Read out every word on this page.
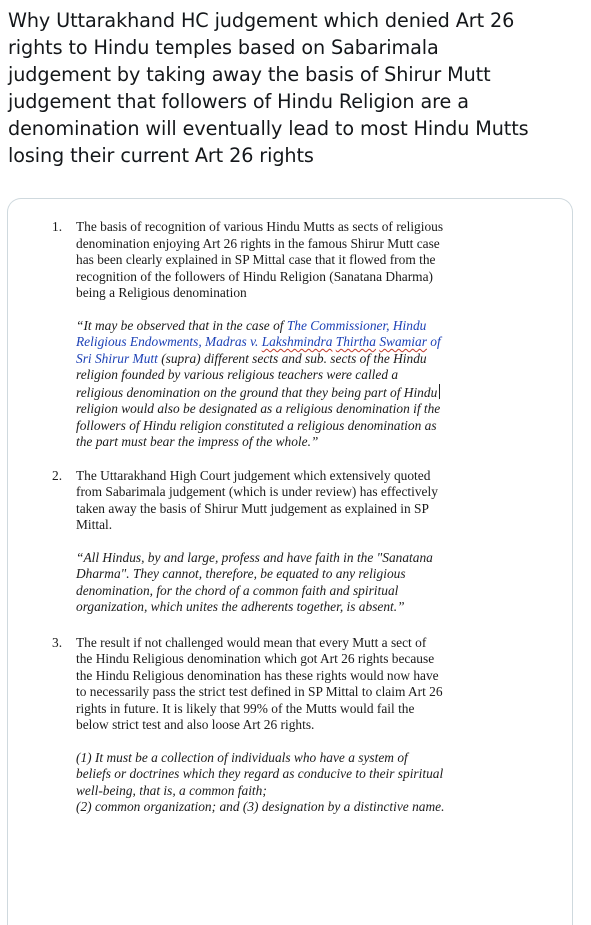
Why Uttarakhand HC judgement which denied Art 26
rights to Hindu temples based on Sabarimala
judgement by taking away the basis of Shirur Mutt
judgement that followers of Hindu Religion are a
denomination will eventually lead to most Hindu Mutts
losing their current Art 26 rights
1. The basis of recognition of various Hindu Mutts as sects of religious
denomination enjoying Art 26 rights in the famous Shirur Mutt case
has been clearly explained in SP Mittal case that it flowed from the
recognition of the followers of Hindu Religion (Sanatana Dharma)
being a Religious denomination
“It may be observed that in the case of The Commissioner, Hindu
Religious Endowments, Madras v. Lakshmindra Thirtha Swamiar of
Sri Shirur Mutt (supra) different sects and sub. sects of the Hindu
religion founded by various religious teachers were called a
religious denomination on the ground that they being part of Hindu
religion would also be designated as a religious denomination if the
followers of Hindu religion constituted a religious denomination as
the part must bear the impress of the whole.”
2. The Uttarakhand High Court judgement which extensively quoted
from Sabarimala judgement (which is under review) has effectively
taken away the basis of Shirur Mutt judgement as explained in SP
Mittal.
“All Hindus, by and large, profess and have faith in the "Sanatana
Dharma". They cannot, therefore, be equated to any religious
denomination, for the chord of a common faith and spiritual
organization, which unites the adherents together, is absent.”
3. The result if not challenged would mean that every Mutt a sect of
the Hindu Religious denomination which got Art 26 rights because
the Hindu Religious denomination has these rights would now have
to necessarily pass the strict test defined in SP Mittal to claim Art 26
rights in future. It is likely that 99% of the Mutts would fail the
below strict test and also loose Art 26 rights.
(1) It must be a collection of individuals who have a system of
beliefs or doctrines which they regard as conducive to their spiritual
well-being, that is, a common faith;
(2) common organization; and (3) designation by a distinctive name.
